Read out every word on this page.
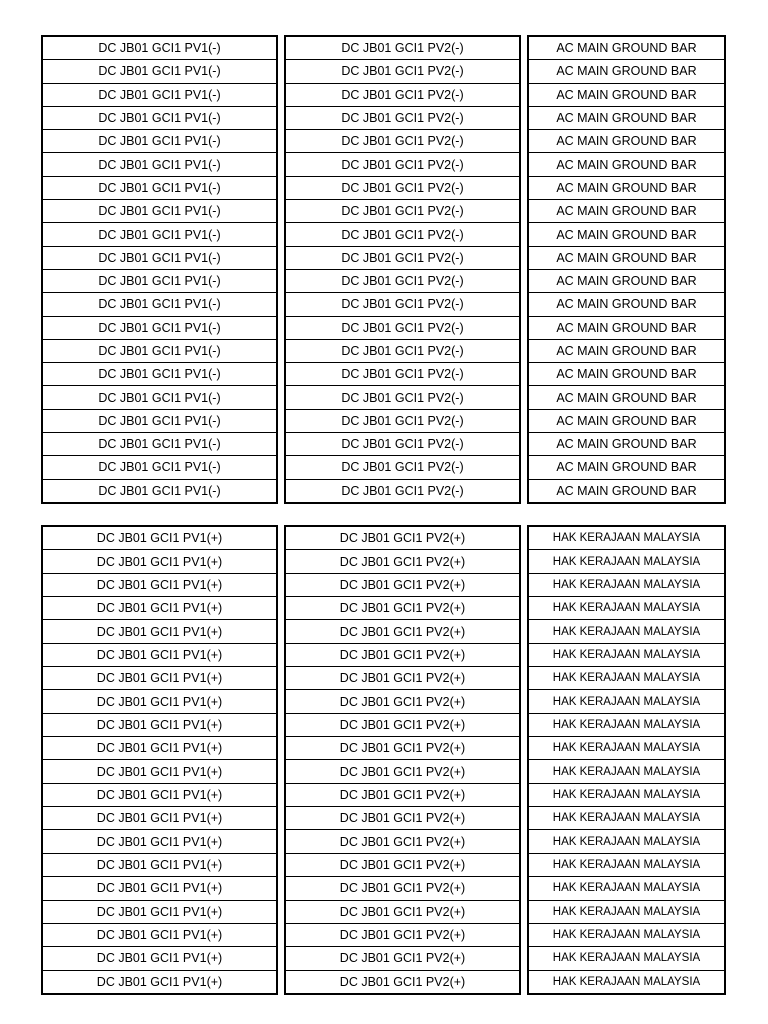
DC JB01 GCI1 PV1(-)
DC JB01 GCI1 PV1(-)
DC JB01 GCI1 PV1(-)
DC JB01 GCI1 PV1(-)
DC JB01 GCI1 PV1(-)
DC JB01 GCI1 PV1(-)
DC JB01 GCI1 PV1(-)
DC JB01 GCI1 PV1(-)
DC JB01 GCI1 PV1(-)
DC JB01 GCI1 PV1(-)
DC JB01 GCI1 PV1(-)
DC JB01 GCI1 PV1(-)
DC JB01 GCI1 PV1(-)
DC JB01 GCI1 PV1(-)
DC JB01 GCI1 PV1(-)
DC JB01 GCI1 PV1(-)
DC JB01 GCI1 PV1(-)
DC JB01 GCI1 PV1(-)
DC JB01 GCI1 PV1(-)
DC JB01 GCI1 PV1(-)
DC JB01 GCI1 PV2(-)
DC JB01 GCI1 PV2(-)
DC JB01 GCI1 PV2(-)
DC JB01 GCI1 PV2(-)
DC JB01 GCI1 PV2(-)
DC JB01 GCI1 PV2(-)
DC JB01 GCI1 PV2(-)
DC JB01 GCI1 PV2(-)
DC JB01 GCI1 PV2(-)
DC JB01 GCI1 PV2(-)
DC JB01 GCI1 PV2(-)
DC JB01 GCI1 PV2(-)
DC JB01 GCI1 PV2(-)
DC JB01 GCI1 PV2(-)
DC JB01 GCI1 PV2(-)
DC JB01 GCI1 PV2(-)
DC JB01 GCI1 PV2(-)
DC JB01 GCI1 PV2(-)
DC JB01 GCI1 PV2(-)
DC JB01 GCI1 PV2(-)
AC MAIN GROUND BAR
AC MAIN GROUND BAR
AC MAIN GROUND BAR
AC MAIN GROUND BAR
AC MAIN GROUND BAR
AC MAIN GROUND BAR
AC MAIN GROUND BAR
AC MAIN GROUND BAR
AC MAIN GROUND BAR
AC MAIN GROUND BAR
AC MAIN GROUND BAR
AC MAIN GROUND BAR
AC MAIN GROUND BAR
AC MAIN GROUND BAR
AC MAIN GROUND BAR
AC MAIN GROUND BAR
AC MAIN GROUND BAR
AC MAIN GROUND BAR
AC MAIN GROUND BAR
AC MAIN GROUND BAR
DC JB01 GCI1 PV1(+)
DC JB01 GCI1 PV1(+)
DC JB01 GCI1 PV1(+)
DC JB01 GCI1 PV1(+)
DC JB01 GCI1 PV1(+)
DC JB01 GCI1 PV1(+)
DC JB01 GCI1 PV1(+)
DC JB01 GCI1 PV1(+)
DC JB01 GCI1 PV1(+)
DC JB01 GCI1 PV1(+)
DC JB01 GCI1 PV1(+)
DC JB01 GCI1 PV1(+)
DC JB01 GCI1 PV1(+)
DC JB01 GCI1 PV1(+)
DC JB01 GCI1 PV1(+)
DC JB01 GCI1 PV1(+)
DC JB01 GCI1 PV1(+)
DC JB01 GCI1 PV1(+)
DC JB01 GCI1 PV1(+)
DC JB01 GCI1 PV1(+)
DC JB01 GCI1 PV2(+)
DC JB01 GCI1 PV2(+)
DC JB01 GCI1 PV2(+)
DC JB01 GCI1 PV2(+)
DC JB01 GCI1 PV2(+)
DC JB01 GCI1 PV2(+)
DC JB01 GCI1 PV2(+)
DC JB01 GCI1 PV2(+)
DC JB01 GCI1 PV2(+)
DC JB01 GCI1 PV2(+)
DC JB01 GCI1 PV2(+)
DC JB01 GCI1 PV2(+)
DC JB01 GCI1 PV2(+)
DC JB01 GCI1 PV2(+)
DC JB01 GCI1 PV2(+)
DC JB01 GCI1 PV2(+)
DC JB01 GCI1 PV2(+)
DC JB01 GCI1 PV2(+)
DC JB01 GCI1 PV2(+)
DC JB01 GCI1 PV2(+)
HAK KERAJAAN MALAYSIA
HAK KERAJAAN MALAYSIA
HAK KERAJAAN MALAYSIA
HAK KERAJAAN MALAYSIA
HAK KERAJAAN MALAYSIA
HAK KERAJAAN MALAYSIA
HAK KERAJAAN MALAYSIA
HAK KERAJAAN MALAYSIA
HAK KERAJAAN MALAYSIA
HAK KERAJAAN MALAYSIA
HAK KERAJAAN MALAYSIA
HAK KERAJAAN MALAYSIA
HAK KERAJAAN MALAYSIA
HAK KERAJAAN MALAYSIA
HAK KERAJAAN MALAYSIA
HAK KERAJAAN MALAYSIA
HAK KERAJAAN MALAYSIA
HAK KERAJAAN MALAYSIA
HAK KERAJAAN MALAYSIA
HAK KERAJAAN MALAYSIA
